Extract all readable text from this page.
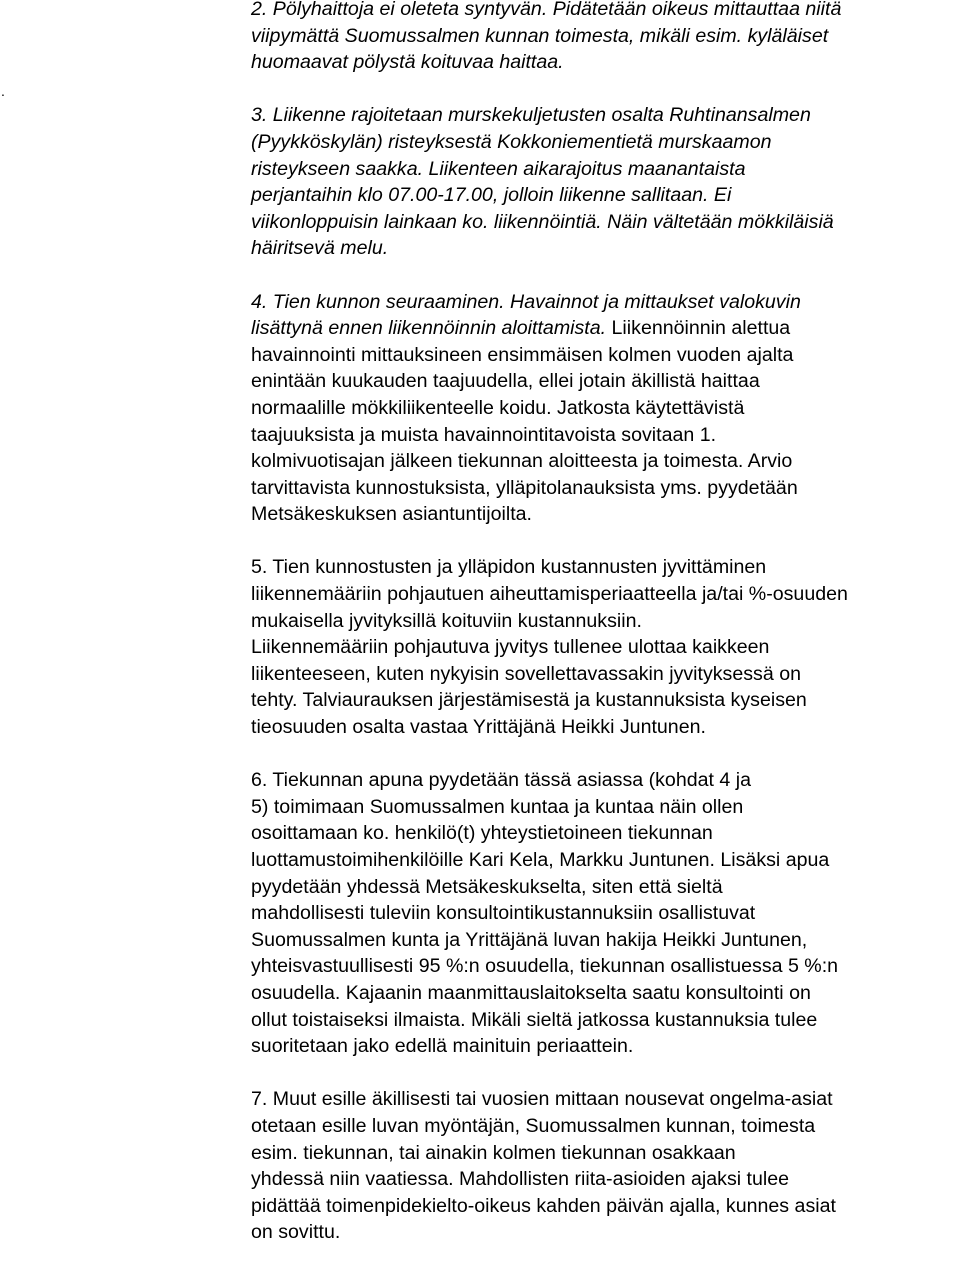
.
2. Pölyhaittoja ei oleteta syntyvän. Pidätetään oikeus mittauttaa niitä
viipymättä Suomussalmen kunnan toimesta, mikäli esim. kyläläiset
huomaavat pölystä koituvaa haittaa.
3. Liikenne rajoitetaan murskekuljetusten osalta Ruhtinansalmen
(Pyykköskylän) risteyksestä Kokkoniementietä murskaamon
risteykseen saakka. Liikenteen aikarajoitus maanantaista
perjantaihin klo 07.00-17.00, jolloin liikenne sallitaan. Ei
viikonloppuisin lainkaan ko. liikennöintiä. Näin vältetään mökkiläisiä
häiritsevä melu.
4. Tien kunnon seuraaminen. Havainnot ja mittaukset valokuvin
lisättynä ennen liikennöinnin aloittamista. Liikennöinnin alettua
havainnointi mittauksineen ensimmäisen kolmen vuoden ajalta
enintään kuukauden taajuudella, ellei jotain äkillistä haittaa
normaalille mökkiliikenteelle koidu. Jatkosta käytettävistä
taajuuksista ja muista havainnointitavoista sovitaan 1.
kolmivuotisajan jälkeen tiekunnan aloitteesta ja toimesta. Arvio
tarvittavista kunnostuksista, ylläpitolanauksista yms. pyydetään
Metsäkeskuksen asiantuntijoilta.
5. Tien kunnostusten ja ylläpidon kustannusten jyvittäminen
liikennemääriin pohjautuen aiheuttamisperiaatteella ja/tai %-osuuden
mukaisella jyvityksillä koituviin kustannuksiin.
Liikennemääriin pohjautuva jyvitys tullenee ulottaa kaikkeen
liikenteeseen, kuten nykyisin sovellettavassakin jyvityksessä on
tehty. Talviaurauksen järjestämisestä ja kustannuksista kyseisen
tieosuuden osalta vastaa Yrittäjänä Heikki Juntunen.
6. Tiekunnan apuna pyydetään tässä asiassa (kohdat 4 ja
5) toimimaan Suomussalmen kuntaa ja kuntaa näin ollen
osoittamaan ko. henkilö(t) yhteystietoineen tiekunnan
luottamustoimihenkilöille Kari Kela, Markku Juntunen. Lisäksi apua
pyydetään yhdessä Metsäkeskukselta, siten että sieltä
mahdollisesti tuleviin konsultointikustannuksiin osallistuvat
Suomussalmen kunta ja Yrittäjänä luvan hakija Heikki Juntunen,
yhteisvastuullisesti 95 %:n osuudella, tiekunnan osallistuessa 5 %:n
osuudella. Kajaanin maanmittauslaitokselta saatu konsultointi on
ollut toistaiseksi ilmaista. Mikäli sieltä jatkossa kustannuksia tulee
suoritetaan jako edellä mainituin periaattein.
7. Muut esille äkillisesti tai vuosien mittaan nousevat ongelma-asiat
otetaan esille luvan myöntäjän, Suomussalmen kunnan, toimesta
esim. tiekunnan, tai ainakin kolmen tiekunnan osakkaan
yhdessä niin vaatiessa. Mahdollisten riita-asioiden ajaksi tulee
pidättää toimenpidekielto-oikeus kahden päivän ajalla, kunnes asiat
on sovittu.
